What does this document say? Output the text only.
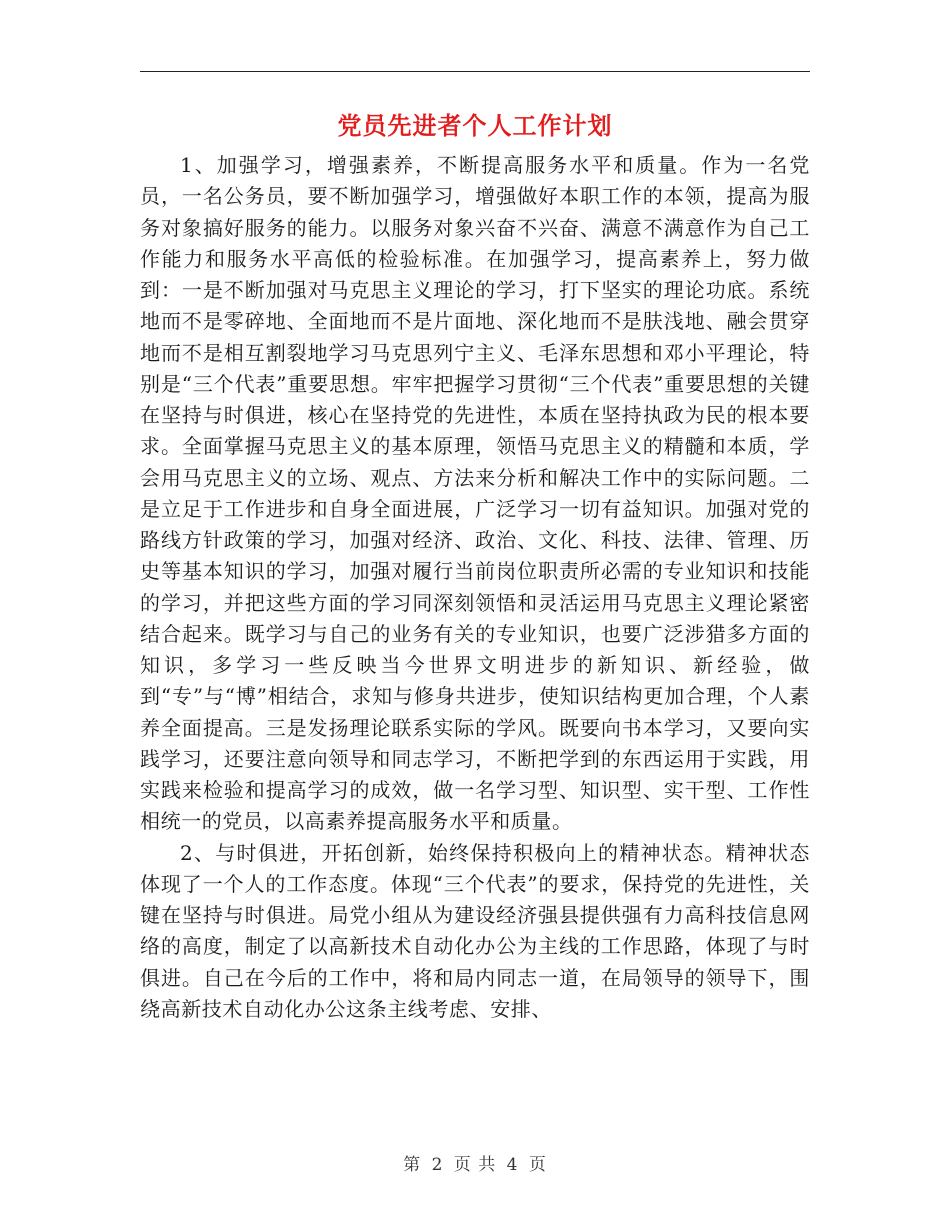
党员先进者个人工作计划

1、加强学习，增强素养，不断提高服务水平和质量。作为一名党员，一名公务员，要不断加强学习，增强做好本职工作的本领，提高为服务对象搞好服务的能力。以服务对象兴奋不兴奋、满意不满意作为自己工作能力和服务水平高低的检验标准。在加强学习，提高素养上，努力做到：一是不断加强对马克思主义理论的学习，打下坚实的理论功底。系统地而不是零碎地、全面地而不是片面地、深化地而不是肤浅地、融会贯穿地而不是相互割裂地学习马克思列宁主义、毛泽东思想和邓小平理论，特别是“三个代表”重要思想。牢牢把握学习贯彻“三个代表”重要思想的关键在坚持与时俱进，核心在坚持党的先进性，本质在坚持执政为民的根本要求。全面掌握马克思主义的基本原理，领悟马克思主义的精髓和本质，学会用马克思主义的立场、观点、方法来分析和解决工作中的实际问题。二是立足于工作进步和自身全面进展，广泛学习一切有益知识。加强对党的路线方针政策的学习，加强对经济、政治、文化、科技、法律、管理、历史等基本知识的学习，加强对履行当前岗位职责所必需的专业知识和技能的学习，并把这些方面的学习同深刻领悟和灵活运用马克思主义理论紧密结合起来。既学习与自己的业务有关的专业知识，也要广泛涉猎多方面的知识，多学习一些反映当今世界文明进步的新知识、新经验，做到“专”与“博”相结合，求知与修身共进步，使知识结构更加合理，个人素养全面提高。三是发扬理论联系实际的学风。既要向书本学习，又要向实践学习，还要注意向领导和同志学习，不断把学到的东西运用于实践，用实践来检验和提高学习的成效，做一名学习型、知识型、实干型、工作性相统一的党员，以高素养提高服务水平和质量。

2、与时俱进，开拓创新，始终保持积极向上的精神状态。精神状态体现了一个人的工作态度。体现“三个代表”的要求，保持党的先进性，关键在坚持与时俱进。局党小组从为建设经济强县提供强有力高科技信息网络的高度，制定了以高新技术自动化办公为主线的工作思路，体现了与时俱进。自己在今后的工作中，将和局内同志一道，在局领导的领导下，围绕高新技术自动化办公这条主线考虑、安排、

第 2 页 共 4 页
